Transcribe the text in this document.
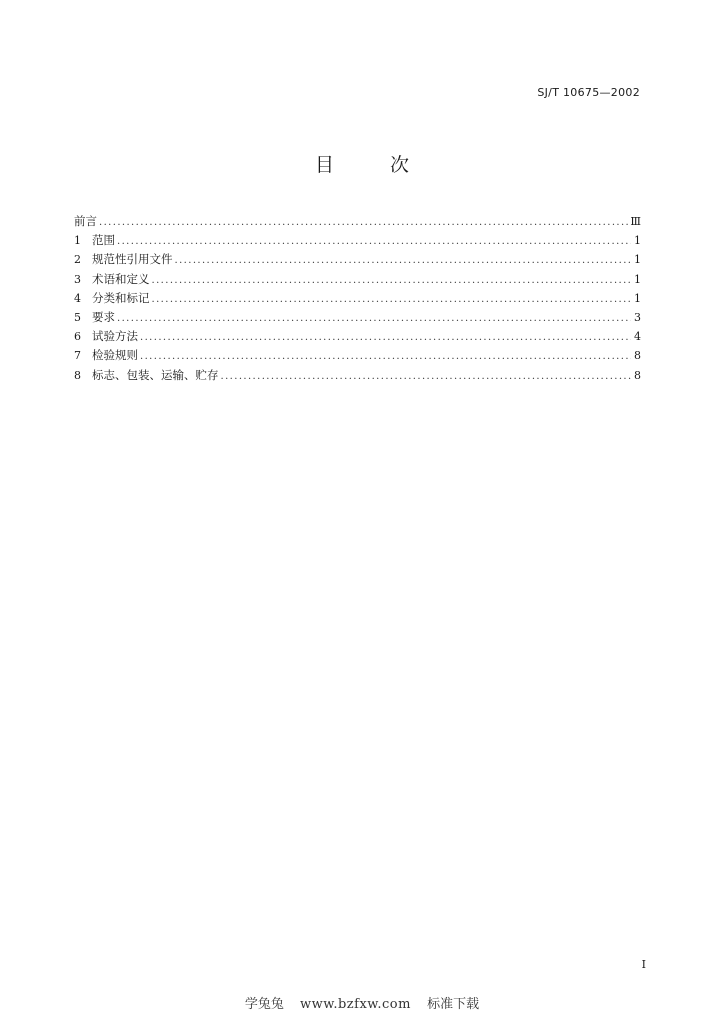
SJ/T 10675—2002
目	次
前言 .....	Ⅲ
1 范围 .....	1
2 规范性引用文件 .....	1
3 术语和定义 .....	1
4 分类和标记 .....	1
5 要求 .....	3
6 试验方法 .....	4
7 检验规则 .....	8
8 标志、包装、运输、贮存 .....	8
I
学兔兔 www.bzfxw.com 标准下载
